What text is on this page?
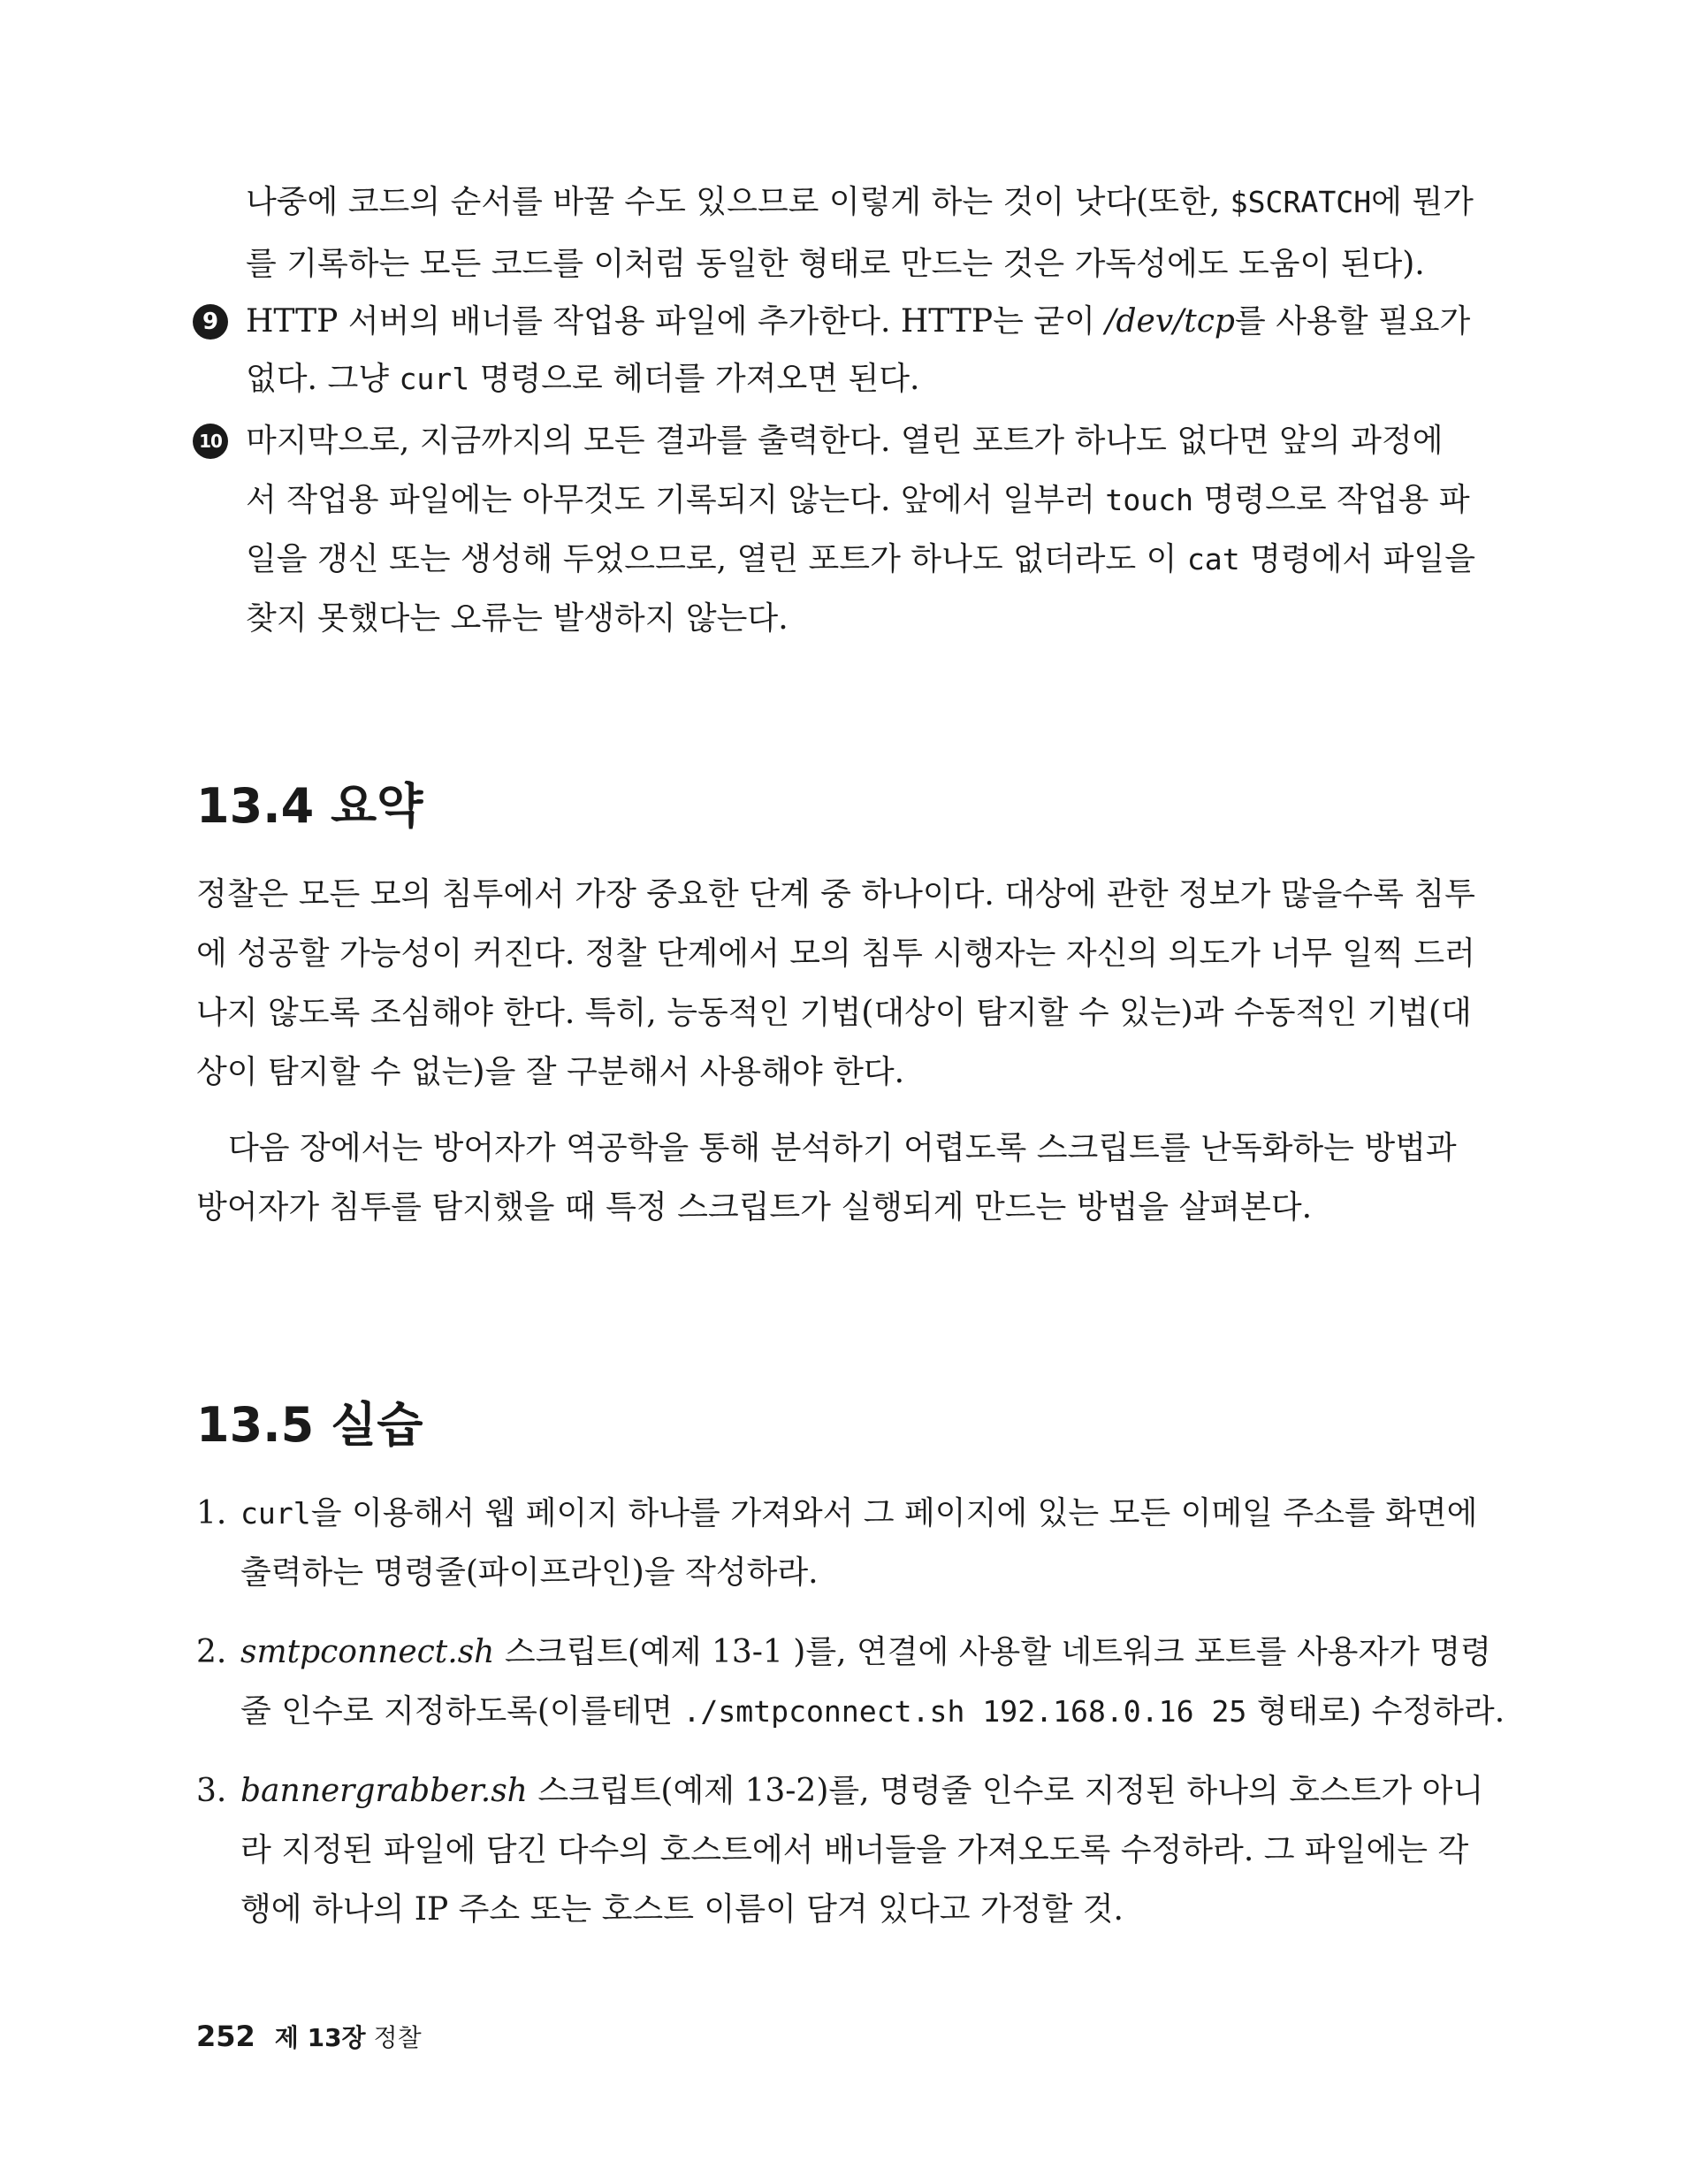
나중에 코드의 순서를 바꿀 수도 있으므로 이렇게 하는 것이 낫다(또한, $SCRATCH에 뭔가
를 기록하는 모든 코드를 이처럼 동일한 형태로 만드는 것은 가독성에도 도움이 된다).
9 HTTP 서버의 배너를 작업용 파일에 추가한다. HTTP는 굳이 /dev/tcp를 사용할 필요가
없다. 그냥 curl 명령으로 헤더를 가져오면 된다.
10 마지막으로, 지금까지의 모든 결과를 출력한다. 열린 포트가 하나도 없다면 앞의 과정에
서 작업용 파일에는 아무것도 기록되지 않는다. 앞에서 일부러 touch 명령으로 작업용 파
일을 갱신 또는 생성해 두었으므로, 열린 포트가 하나도 없더라도 이 cat 명령에서 파일을
찾지 못했다는 오류는 발생하지 않는다.
13.4 요약
정찰은 모든 모의 침투에서 가장 중요한 단계 중 하나이다. 대상에 관한 정보가 많을수록 침투
에 성공할 가능성이 커진다. 정찰 단계에서 모의 침투 시행자는 자신의 의도가 너무 일찍 드러
나지 않도록 조심해야 한다. 특히, 능동적인 기법(대상이 탐지할 수 있는)과 수동적인 기법(대
상이 탐지할 수 없는)을 잘 구분해서 사용해야 한다.
다음 장에서는 방어자가 역공학을 통해 분석하기 어렵도록 스크립트를 난독화하는 방법과
방어자가 침투를 탐지했을 때 특정 스크립트가 실행되게 만드는 방법을 살펴본다.
13.5 실습
1. curl을 이용해서 웹 페이지 하나를 가져와서 그 페이지에 있는 모든 이메일 주소를 화면에
출력하는 명령줄(파이프라인)을 작성하라.
2. smtpconnect.sh 스크립트(예제 13-1 )를, 연결에 사용할 네트워크 포트를 사용자가 명령
줄 인수로 지정하도록(이를테면 ./smtpconnect.sh 192.168.0.16 25 형태로) 수정하라.
3. bannergrabber.sh 스크립트(예제 13-2)를, 명령줄 인수로 지정된 하나의 호스트가 아니
라 지정된 파일에 담긴 다수의 호스트에서 배너들을 가져오도록 수정하라. 그 파일에는 각
행에 하나의 IP 주소 또는 호스트 이름이 담겨 있다고 가정할 것.
252 제 13장 정찰
